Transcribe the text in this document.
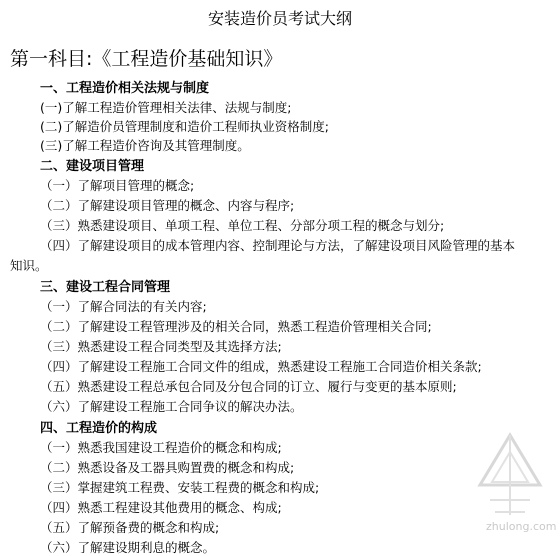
安装造价员考试大纲
第一科目:《工程造价基础知识》
一、工程造价相关法规与制度
(一)了解工程造价管理相关法律、法规与制度;
(二)了解造价员管理制度和造价工程师执业资格制度;
(三)了解工程造价咨询及其管理制度。
二、建设项目管理
（一）了解项目管理的概念;
（二）了解建设项目管理的概念、内容与程序;
（三）熟悉建设项目、单项工程、单位工程、分部分项工程的概念与划分;
（四）了解建设项目的成本管理内容、控制理论与方法，了解建设项目风险管理的基本
知识。
三、建设工程合同管理
（一）了解合同法的有关内容;
（二）了解建设工程管理涉及的相关合同，熟悉工程造价管理相关合同;
（三）熟悉建设工程合同类型及其选择方法;
（四）了解建设工程施工合同文件的组成，熟悉建设工程施工合同造价相关条款;
（五）熟悉建设工程总承包合同及分包合同的订立、履行与变更的基本原则;
（六）了解建设工程施工合同争议的解决办法。
四、工程造价的构成
（一）熟悉我国建设工程造价的概念和构成;
（二）熟悉设备及工器具购置费的概念和构成;
（三）掌握建筑工程费、安装工程费的概念和构成;
（四）熟悉工程建设其他费用的概念、构成;
（五）了解预备费的概念和构成;
（六）了解建设期利息的概念。
zhulong.com
